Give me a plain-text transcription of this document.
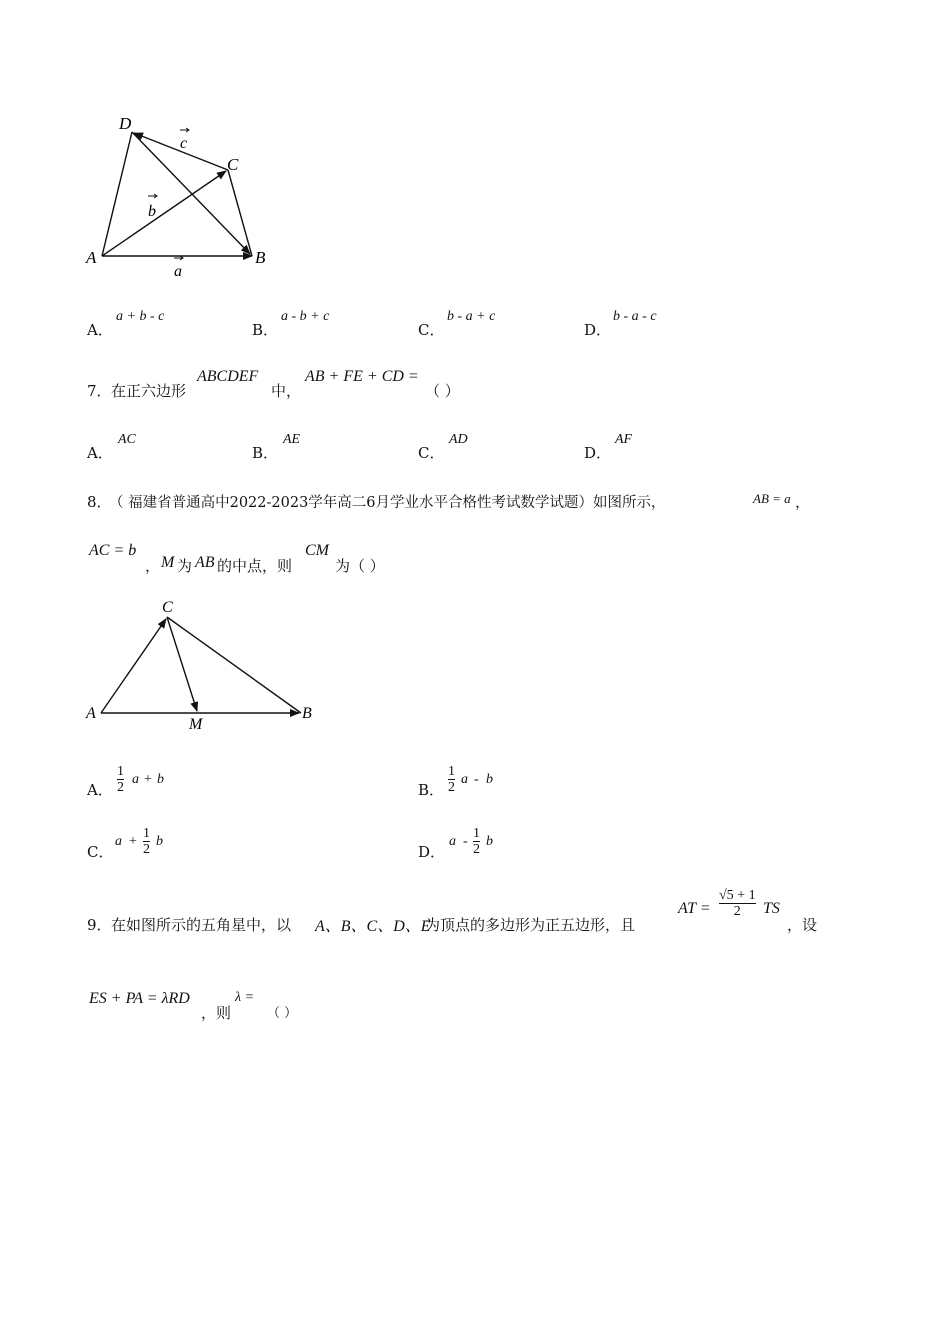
A	B
C
D
a
b
c
A．
a + b - c
B．
a - b + c
C．
b - a + c
D．
b - a - c
7． 在正六边形
ABCDEF
中，
AB + FE + CD =
（ ）
A．
AC
B．
AE
C．
AD
D．
AF
8．
（ 福建省普通高中2022-2023学年高二6月学业水平合格性考试数学试题）如图所示，	AB = a ，
AC = b
， M 为 AB 的中点，则
CM
为（ ）
A	B
C
M
A． $\frac{1}{2}$ a + b
B． $\frac{1}{2}$ a - b
C．
$a + \frac{1}{2}$ b
D．
a - $\frac{1}{2}$ b
9． 在如图所示的五角星中，以 A、B、C、D、E
为顶点的多边形为正五边形，且
AT = $\frac{√5 + 1}{2}$ TS
，设
ES + PA = λRD
，则
λ =
（ ）
